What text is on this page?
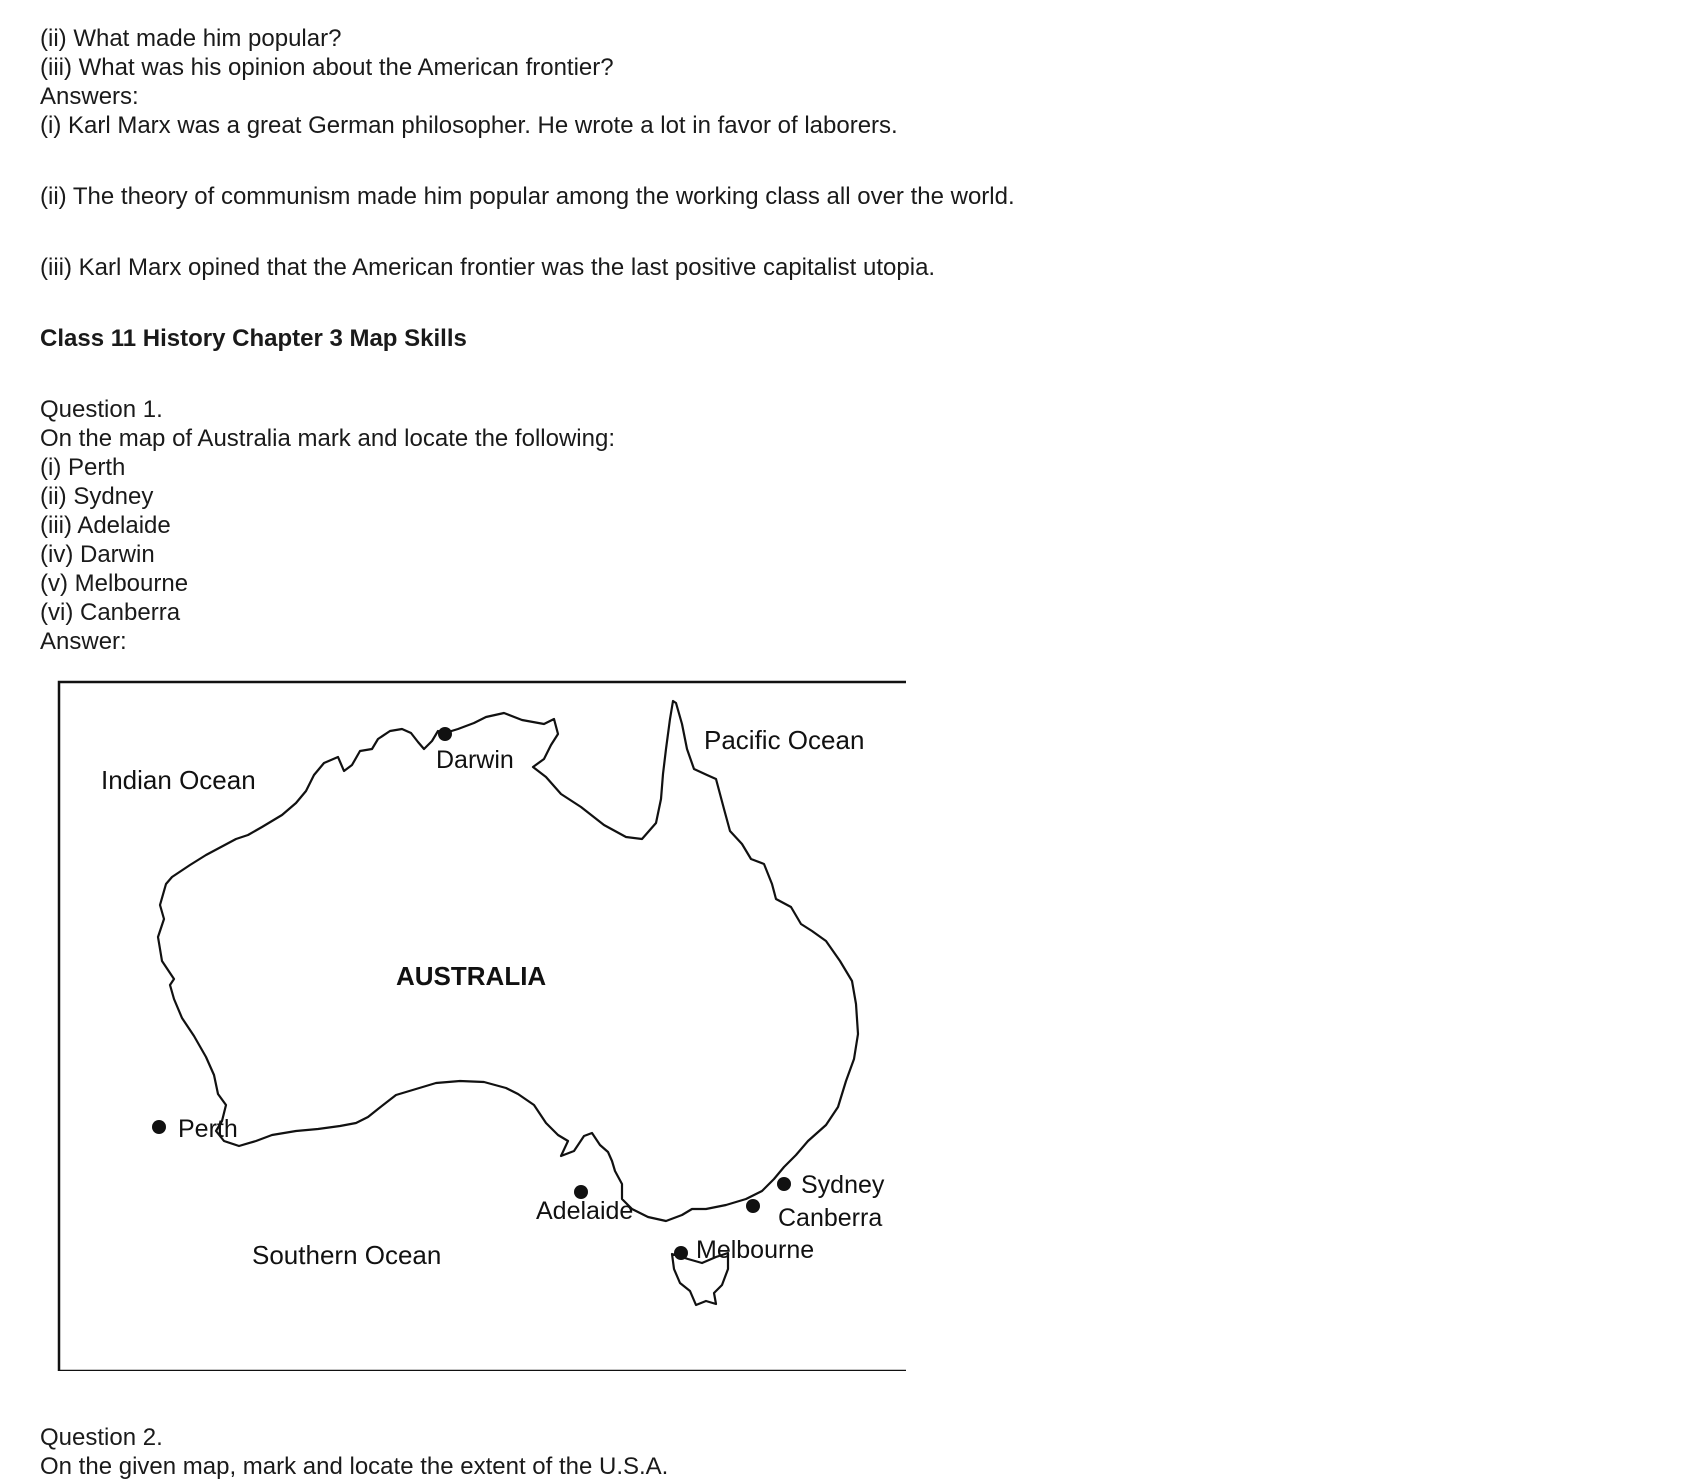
(ii) What made him popular?

(iii) What was his opinion about the American frontier?

Answers:

(i) Karl Marx was a great German philosopher. He wrote a lot in favor of laborers.

(ii) The theory of communism made him popular among the working class all over the world.

(iii) Karl Marx opined that the American frontier was the last positive capitalist utopia.

Class 11 History Chapter 3 Map Skills

Question 1.

On the map of Australia mark and locate the following:

(i) Perth

(ii) Sydney

(iii) Adelaide

(iv) Darwin

(v) Melbourne

(vi) Canberra

Answer:

AUSTRALIA
Indian Ocean
Pacific Ocean
Southern Ocean
Darwin
Perth
Adelaide
Sydney
Canberra
Melbourne

Question 2.

On the given map, mark and locate the extent of the U.S.A.
